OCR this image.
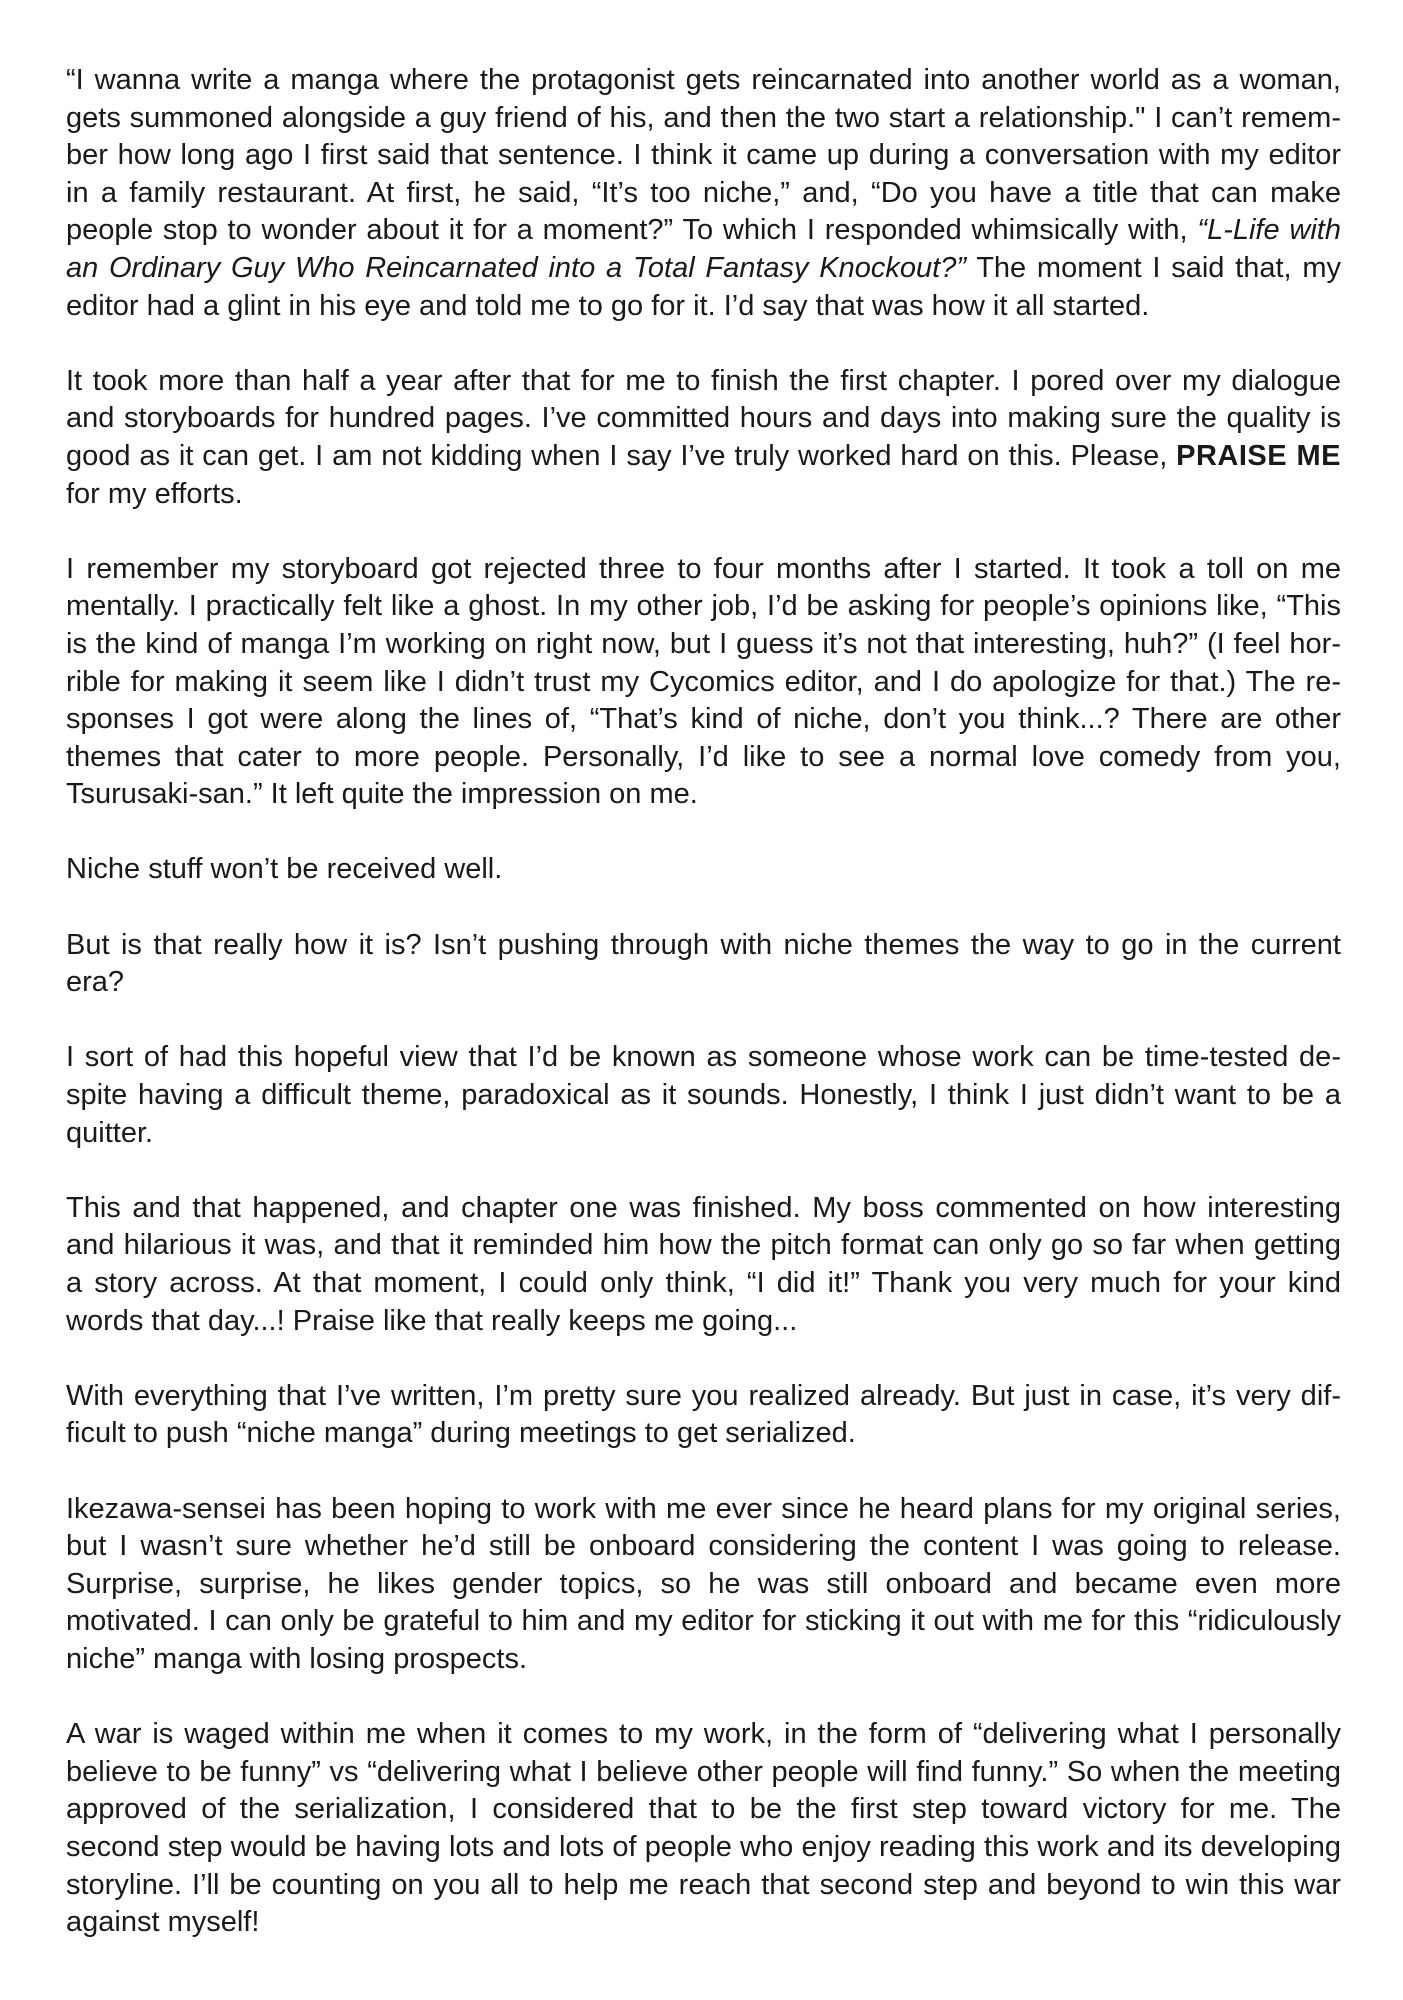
“I wanna write a manga where the protagonist gets reincarnated into another world as a woman, gets summoned alongside a guy friend of his, and then the two start a relationship." I can’t remember how long ago I first said that sentence. I think it came up during a conversation with my editor in a family restaurant. At first, he said, “It’s too niche,” and, “Do you have a title that can make people stop to wonder about it for a moment?” To which I responded whimsically with, “L-Life with an Ordinary Guy Who Reincarnated into a Total Fantasy Knockout?” The moment I said that, my editor had a glint in his eye and told me to go for it. I’d say that was how it all started.

It took more than half a year after that for me to finish the first chapter. I pored over my dialogue and storyboards for hundred pages. I’ve committed hours and days into making sure the quality is good as it can get. I am not kidding when I say I’ve truly worked hard on this. Please, PRAISE ME for my efforts.

I remember my storyboard got rejected three to four months after I started. It took a toll on me mentally. I practically felt like a ghost. In my other job, I’d be asking for people’s opinions like, “This is the kind of manga I’m working on right now, but I guess it’s not that interesting, huh?” (I feel horrible for making it seem like I didn’t trust my Cycomics editor, and I do apologize for that.) The responses I got were along the lines of, “That’s kind of niche, don’t you think...? There are other themes that cater to more people. Personally, I’d like to see a normal love comedy from you, Tsurusaki-san.” It left quite the impression on me.

Niche stuff won’t be received well.

But is that really how it is? Isn’t pushing through with niche themes the way to go in the current era?

I sort of had this hopeful view that I’d be known as someone whose work can be time-tested despite having a difficult theme, paradoxical as it sounds. Honestly, I think I just didn’t want to be a quitter.

This and that happened, and chapter one was finished. My boss commented on how interesting and hilarious it was, and that it reminded him how the pitch format can only go so far when getting a story across. At that moment, I could only think, “I did it!” Thank you very much for your kind words that day...! Praise like that really keeps me going...

With everything that I’ve written, I’m pretty sure you realized already. But just in case, it’s very difficult to push “niche manga” during meetings to get serialized.

Ikezawa-sensei has been hoping to work with me ever since he heard plans for my original series, but I wasn’t sure whether he’d still be onboard considering the content I was going to release. Surprise, surprise, he likes gender topics, so he was still onboard and became even more motivated. I can only be grateful to him and my editor for sticking it out with me for this “ridiculously niche” manga with losing prospects.

A war is waged within me when it comes to my work, in the form of “delivering what I personally believe to be funny” vs “delivering what I believe other people will find funny.” So when the meeting approved of the serialization, I considered that to be the first step toward victory for me. The second step would be having lots and lots of people who enjoy reading this work and its developing storyline. I’ll be counting on you all to help me reach that second step and beyond to win this war against myself!
